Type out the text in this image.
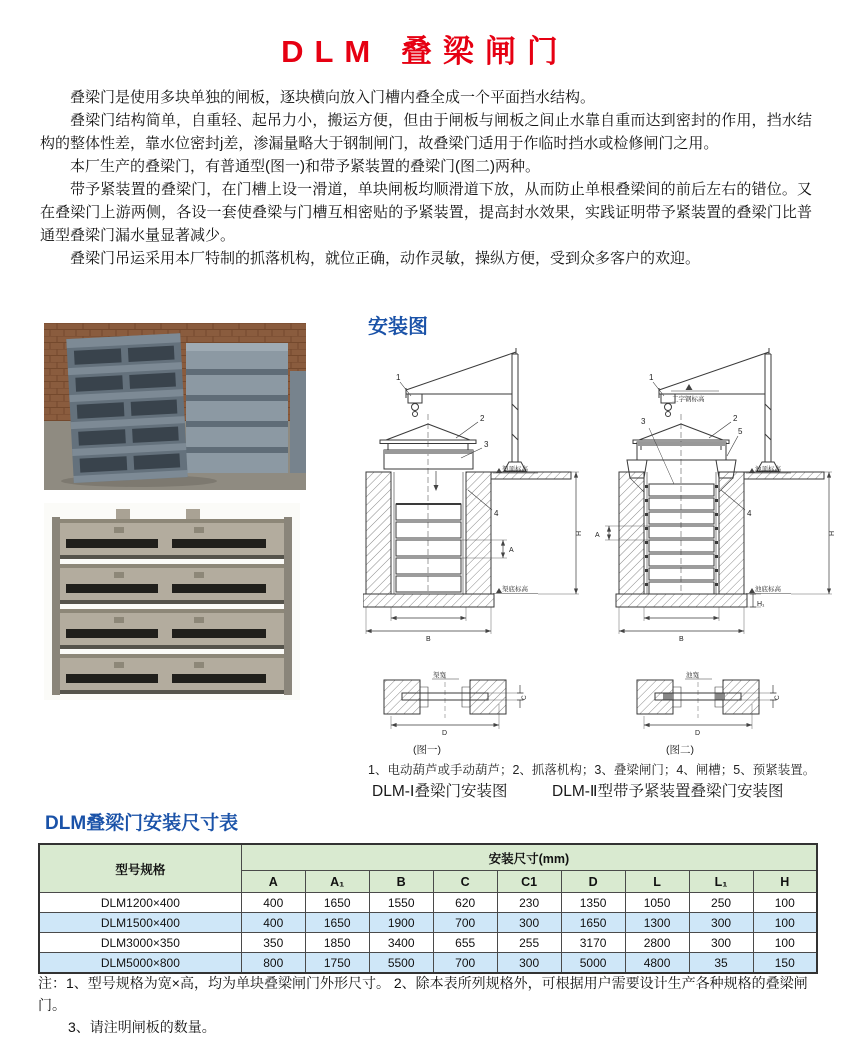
DLM 叠梁闸门

叠梁门是使用多块单独的闸板，逐块横向放入门槽内叠全成一个平面挡水结构。

叠梁门结构简单，自重轻、起吊力小，搬运方便，但由于闸板与闸板之间止水靠自重而达到密封的作用，挡水结构的整体性差，靠水位密封j差，渗漏量略大于钢制闸门，故叠梁门适用于作临时挡水或检修闸门之用。

本厂生产的叠梁门，有普通型(图一)和带予紧装置的叠梁门(图二)两种。

带予紧装置的叠梁门，在门槽上设一滑道，单块闸板均顺滑道下放，从而防止单根叠梁间的前后左右的错位。又在叠梁门上游两侧，各设一套使叠梁与门槽互相密贴的予紧装置，提高封水效果，实践证明带予紧装置的叠梁门比普通型叠梁门漏水量显著减少。

叠梁门吊运采用本厂特制的抓落机构，就位正确，动作灵敏，操纵方便，受到众多客户的欢迎。

安装图
1
2
3
4
渠顶标高
渠底标高
A
B
H
渠宽
C
D
(图一)
1
2
3
4
5
工字钢标高
池顶标高
池底标高
A
B
H
H₁
池宽
C
D
(图二)
1、电动葫芦或手动葫芦；2、抓落机构；3、叠梁闸门；4、闸槽；5、预紧装置。
DLM-Ⅰ叠梁门安装图	DLM-Ⅱ型带予紧装置叠梁门安装图
DLM叠梁门安装尺寸表
型号规格	安装尺寸(mm)								
	A	A₁	B	C	C1	D	L	L₁	H
DLM1200×400	400	1650	1550	620	230	1350	1050	250	100
DLM1500×400	400	1650	1900	700	300	1650	1300	300	100
DLM3000×350	350	1850	3400	655	255	3170	2800	300	100
DLM5000×800	800	1750	5500	700	300	5000	4800	35	150
注：1、型号规格为宽×高，均为单块叠梁闸门外形尺寸。 2、除本表所列规格外，可根据用户需要设计生产各种规格的叠梁闸门。
3、请注明闸板的数量。
